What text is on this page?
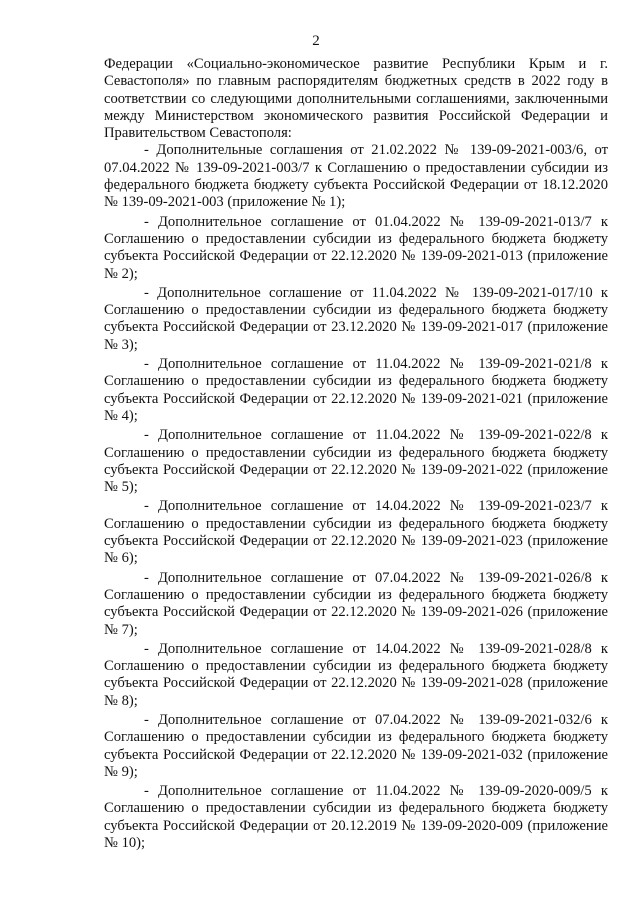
2

Федерации «Социально-экономическое развитие Республики Крым и г. Севастополя» по главным распорядителям бюджетных средств в 2022 году в соответствии со следующими дополнительными соглашениями, заключенными между Министерством экономического развития Российской Федерации и Правительством Севастополя:

- Дополнительные соглашения от 21.02.2022 № 139-09-2021-003/6, от 07.04.2022 № 139-09-2021-003/7 к Соглашению о предоставлении субсидии из федерального бюджета бюджету субъекта Российской Федерации от 18.12.2020 № 139-09-2021-003 (приложение № 1);

- Дополнительное соглашение от 01.04.2022 № 139-09-2021-013/7 к Соглашению о предоставлении субсидии из федерального бюджета бюджету субъекта Российской Федерации от 22.12.2020 № 139-09-2021-013 (приложение № 2);

- Дополнительное соглашение от 11.04.2022 № 139-09-2021-017/10 к Соглашению о предоставлении субсидии из федерального бюджета бюджету субъекта Российской Федерации от 23.12.2020 № 139-09-2021-017 (приложение № 3);

- Дополнительное соглашение от 11.04.2022 № 139-09-2021-021/8 к Соглашению о предоставлении субсидии из федерального бюджета бюджету субъекта Российской Федерации от 22.12.2020 № 139-09-2021-021 (приложение № 4);

- Дополнительное соглашение от 11.04.2022 № 139-09-2021-022/8 к Соглашению о предоставлении субсидии из федерального бюджета бюджету субъекта Российской Федерации от 22.12.2020 № 139-09-2021-022 (приложение № 5);

- Дополнительное соглашение от 14.04.2022 № 139-09-2021-023/7 к Соглашению о предоставлении субсидии из федерального бюджета бюджету субъекта Российской Федерации от 22.12.2020 № 139-09-2021-023 (приложение № 6);

- Дополнительное соглашение от 07.04.2022 № 139-09-2021-026/8 к Соглашению о предоставлении субсидии из федерального бюджета бюджету субъекта Российской Федерации от 22.12.2020 № 139-09-2021-026 (приложение № 7);

- Дополнительное соглашение от 14.04.2022 № 139-09-2021-028/8 к Соглашению о предоставлении субсидии из федерального бюджета бюджету субъекта Российской Федерации от 22.12.2020 № 139-09-2021-028 (приложение № 8);

- Дополнительное соглашение от 07.04.2022 № 139-09-2021-032/6 к Соглашению о предоставлении субсидии из федерального бюджета бюджету субъекта Российской Федерации от 22.12.2020 № 139-09-2021-032 (приложение № 9);

- Дополнительное соглашение от 11.04.2022 № 139-09-2020-009/5 к Соглашению о предоставлении субсидии из федерального бюджета бюджету субъекта Российской Федерации от 20.12.2019 № 139-09-2020-009 (приложение № 10);
